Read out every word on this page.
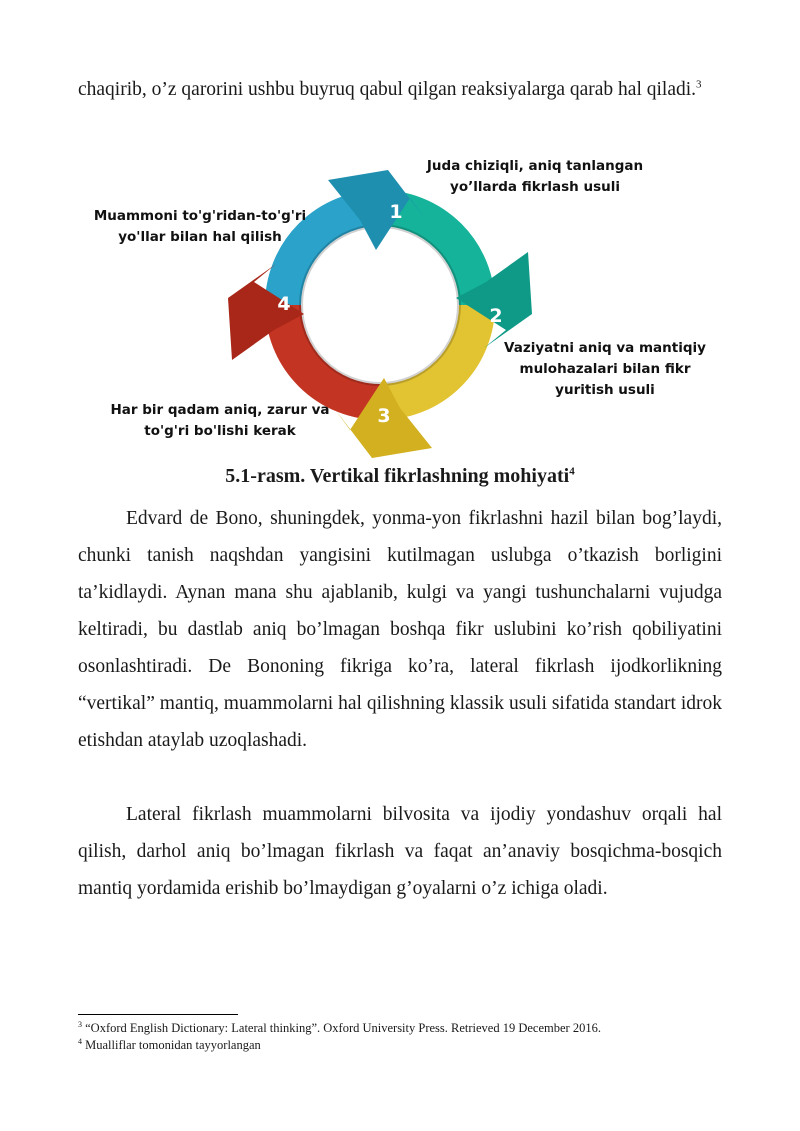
chaqirib, o’z qarorini ushbu buyruq qabul qilgan reaksiyalarga qarab hal qiladi.$^3$

1
2
3
4
Juda chiziqli, aniq tanlangan yo’llarda fikrlash usuli
Vaziyatni aniq va mantiqiy mulohazalari bilan fikr yuritish usuli
Har bir qadam aniq, zarur va to'g'ri bo'lishi kerak
Muammoni to'g'ridan-to'g'ri yo'llar bilan hal qilish
5.1-rasm. Vertikal fikrlashning mohiyati$^4$

Edvard de Bono, shuningdek, yonma-yon fikrlashni hazil bilan bog’laydi, chunki tanish naqshdan yangisini kutilmagan uslubga o’tkazish borligini ta’kidlaydi. Aynan mana shu ajablanib, kulgi va yangi tushunchalarni vujudga keltiradi, bu dastlab aniq bo’lmagan boshqa fikr uslubini ko’rish qobiliyatini osonlashtiradi. De Bononing fikriga ko’ra, lateral fikrlash ijodkorlikning “vertikal” mantiq, muammolarni hal qilishning klassik usuli sifatida standart idrok etishdan ataylab uzoqlashadi.

Lateral fikrlash muammolarni bilvosita va ijodiy yondashuv orqali hal qilish, darhol aniq bo’lmagan fikrlash va faqat an’anaviy bosqichma-bosqich mantiq yordamida erishib bo’lmaydigan g’oyalarni o’z ichiga oladi.

$^3$ “Oxford English Dictionary: Lateral thinking”. Oxford University Press. Retrieved 19 December 2016.
$^4$ Mualliflar tomonidan tayyorlangan
